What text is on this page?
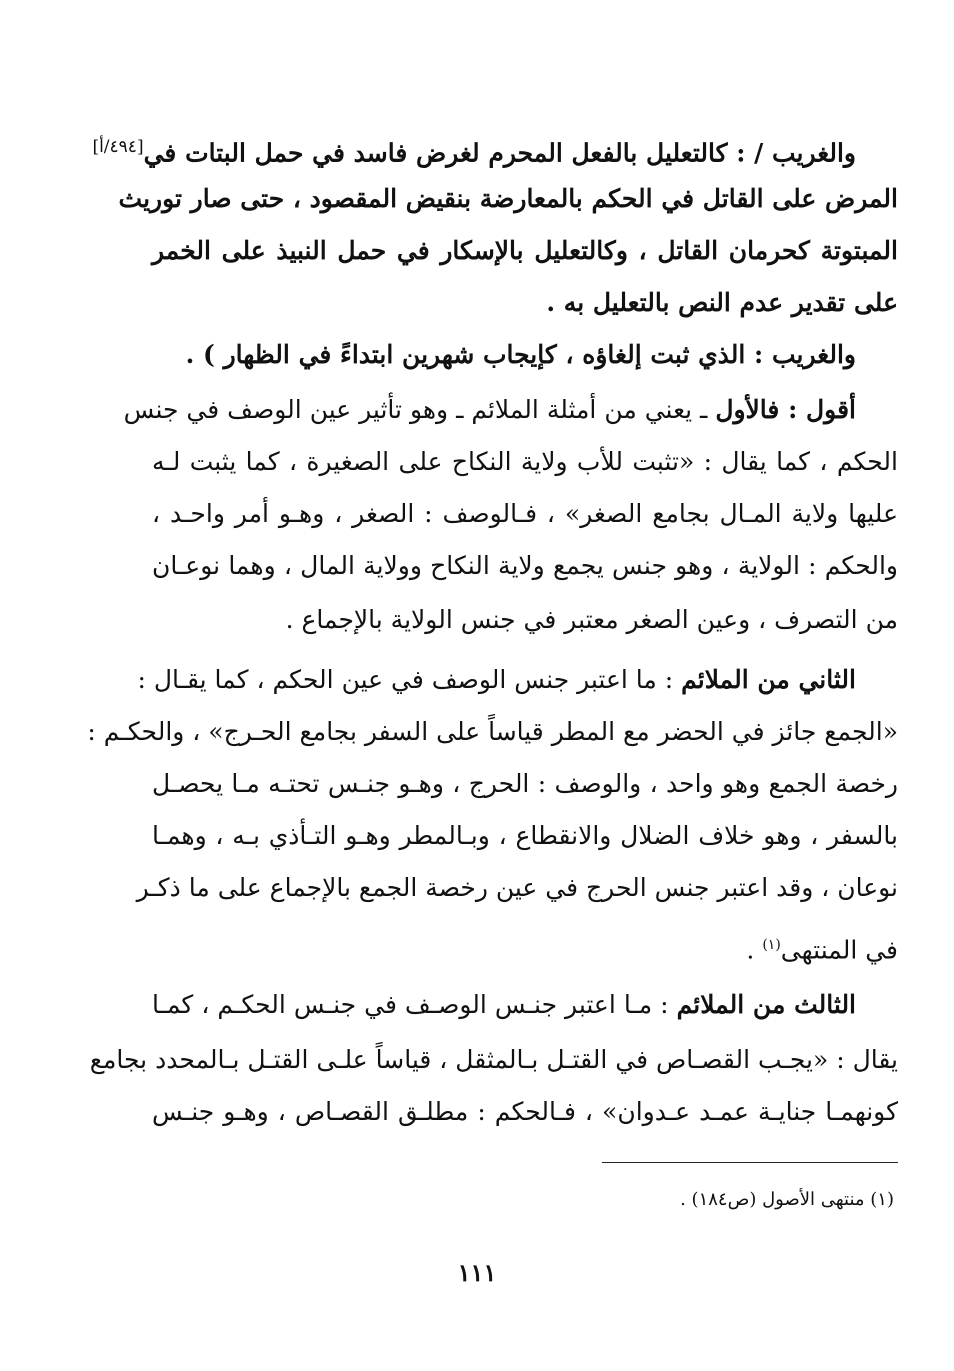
والغريب / : كالتعليل بالفعل المحرم لغرض فاسد في حمل البتات في[٤٩٤/أ]
المرض على القاتل في الحكم بالمعارضة بنقيض المقصود ، حتى صار توريث
المبتوتة كحرمان القاتل ، وكالتعليل بالإسكار في حمل النبيذ على الخمر
على تقدير عدم النص بالتعليل به .
والغريب : الذي ثبت إلغاؤه ، كإيجاب شهرين ابتداءً في الظهار ) .
أقول : فالأول ـ يعني من أمثلة الملائم ـ وهو تأثير عين الوصف في جنس
الحكم ، كما يقال : «تثبت للأب ولاية النكاح على الصغيرة ، كما يثبت لـه
عليها ولاية المـال بجامع الصغر» ، فـالوصف : الصغر ، وهـو أمر واحـد ،
والحكم : الولاية ، وهو جنس يجمع ولاية النكاح وولاية المال ، وهما نوعـان
من التصرف ، وعين الصغر معتبر في جنس الولاية بالإجماع .
الثاني من الملائم : ما اعتبر جنس الوصف في عين الحكم ، كما يقـال :
«الجمع جائز في الحضر مع المطر قياساً على السفر بجامع الحـرج» ، والحكـم :
رخصة الجمع وهو واحد ، والوصف : الحرج ، وهـو جنـس تحتـه مـا يحصـل
بالسفر ، وهو خلاف الضلال والانقطاع ، وبـالمطر وهـو التـأذي بـه ، وهمـا
نوعان ، وقد اعتبر جنس الحرج في عين رخصة الجمع بالإجماع على ما ذكـر
في المنتهى$^{(١)}$ .
الثالث من الملائم : مـا اعتبر جنـس الوصـف في جنـس الحكـم ، كمـا
يقال : «يجـب القصـاص في القتـل بـالمثقل ، قياساً علـى القتـل بـالمحدد بجامع
كونهمـا جنايـة عمـد عـدوان» ، فـالحكم : مطلـق القصـاص ، وهـو جنـس
(١) منتهى الأصول (ص١٨٤) .
١١١
